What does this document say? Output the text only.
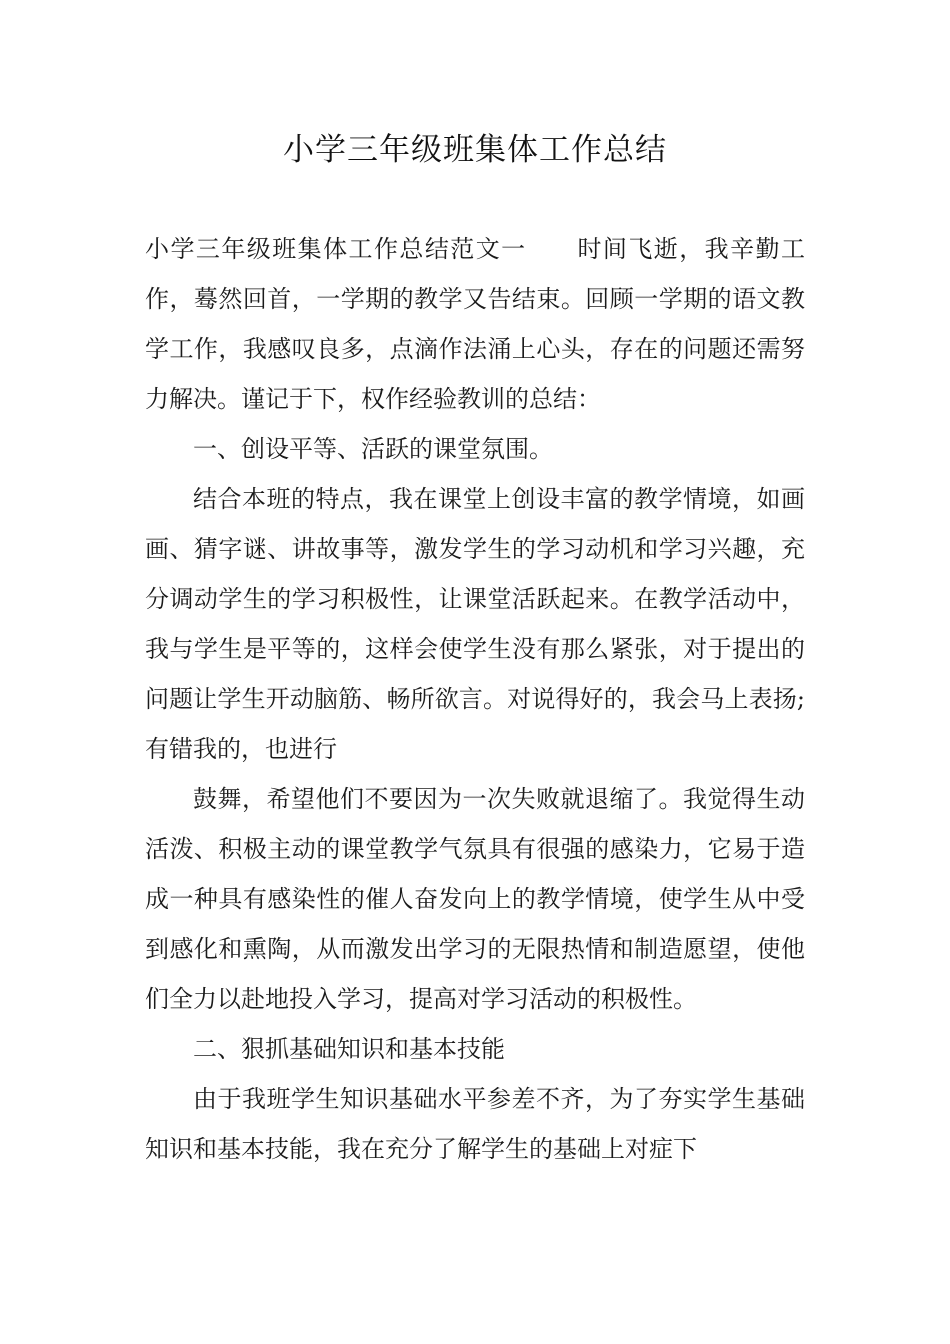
小学三年级班集体工作总结

小学三年级班集体工作总结范文一　　时间飞逝，我辛勤工作，蓦然回首，一学期的教学又告结束。回顾一学期的语文教学工作，我感叹良多，点滴作法涌上心头，存在的问题还需努力解决。谨记于下，权作经验教训的总结：

一、创设平等、活跃的课堂氛围。

结合本班的特点，我在课堂上创设丰富的教学情境，如画画、猜字谜、讲故事等，激发学生的学习动机和学习兴趣，充分调动学生的学习积极性，让课堂活跃起来。在教学活动中，我与学生是平等的，这样会使学生没有那么紧张，对于提出的问题让学生开动脑筋、畅所欲言。对说得好的，我会马上表扬;有错我的，也进行

鼓舞，希望他们不要因为一次失败就退缩了。我觉得生动活泼、积极主动的课堂教学气氛具有很强的感染力，它易于造成一种具有感染性的催人奋发向上的教学情境，使学生从中受到感化和熏陶，从而激发出学习的无限热情和制造愿望，使他们全力以赴地投入学习，提高对学习活动的积极性。

二、狠抓基础知识和基本技能

由于我班学生知识基础水平参差不齐，为了夯实学生基础知识和基本技能，我在充分了解学生的基础上对症下
